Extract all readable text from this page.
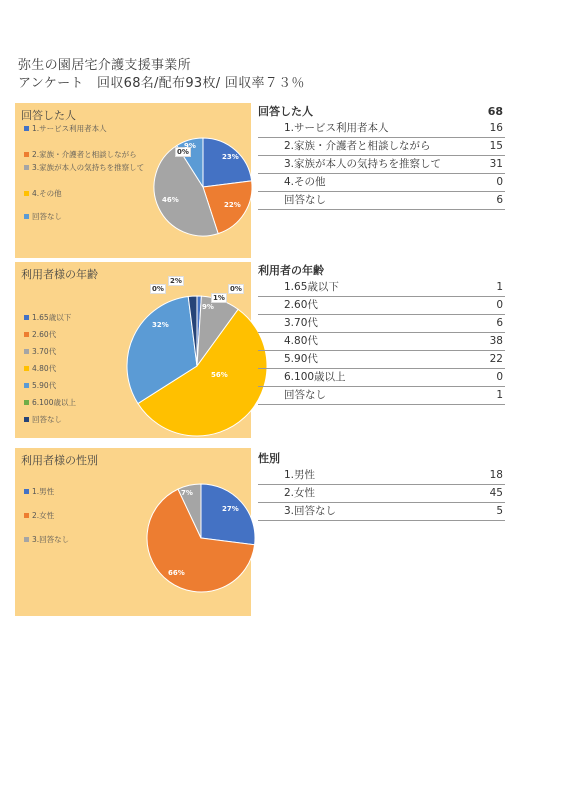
弥生の園居宅介護支援事業所
アンケート　回収68名/配布93枚/ 回収率７３％
回答した人
1.サービス利用者本人
2.家族・介護者と相談しながら
3.家族が本人の気持ちを推察して
4.その他
回答なし
23%
22%
46%
0%
9%
利用者様の年齢
1.65歳以下
2.60代
3.70代
4.80代
5.90代
6.100歳以上
回答なし
1%
0%
9%
56%
32%
0%
2%
利用者様の性別
1.男性
2.女性
3.回答なし
27%
66%
7%
回答した人	68
1.サービス利用者本人	16
2.家族・介護者と相談しながら	15
3.家族が本人の気持ちを推察して	31
4.その他	0
回答なし	6
利用者の年齢
1.65歳以下	1
2.60代	0
3.70代	6
4.80代	38
5.90代	22
6.100歳以上	0
回答なし	1
性別
1.男性	18
2.女性	45
3.回答なし	5
